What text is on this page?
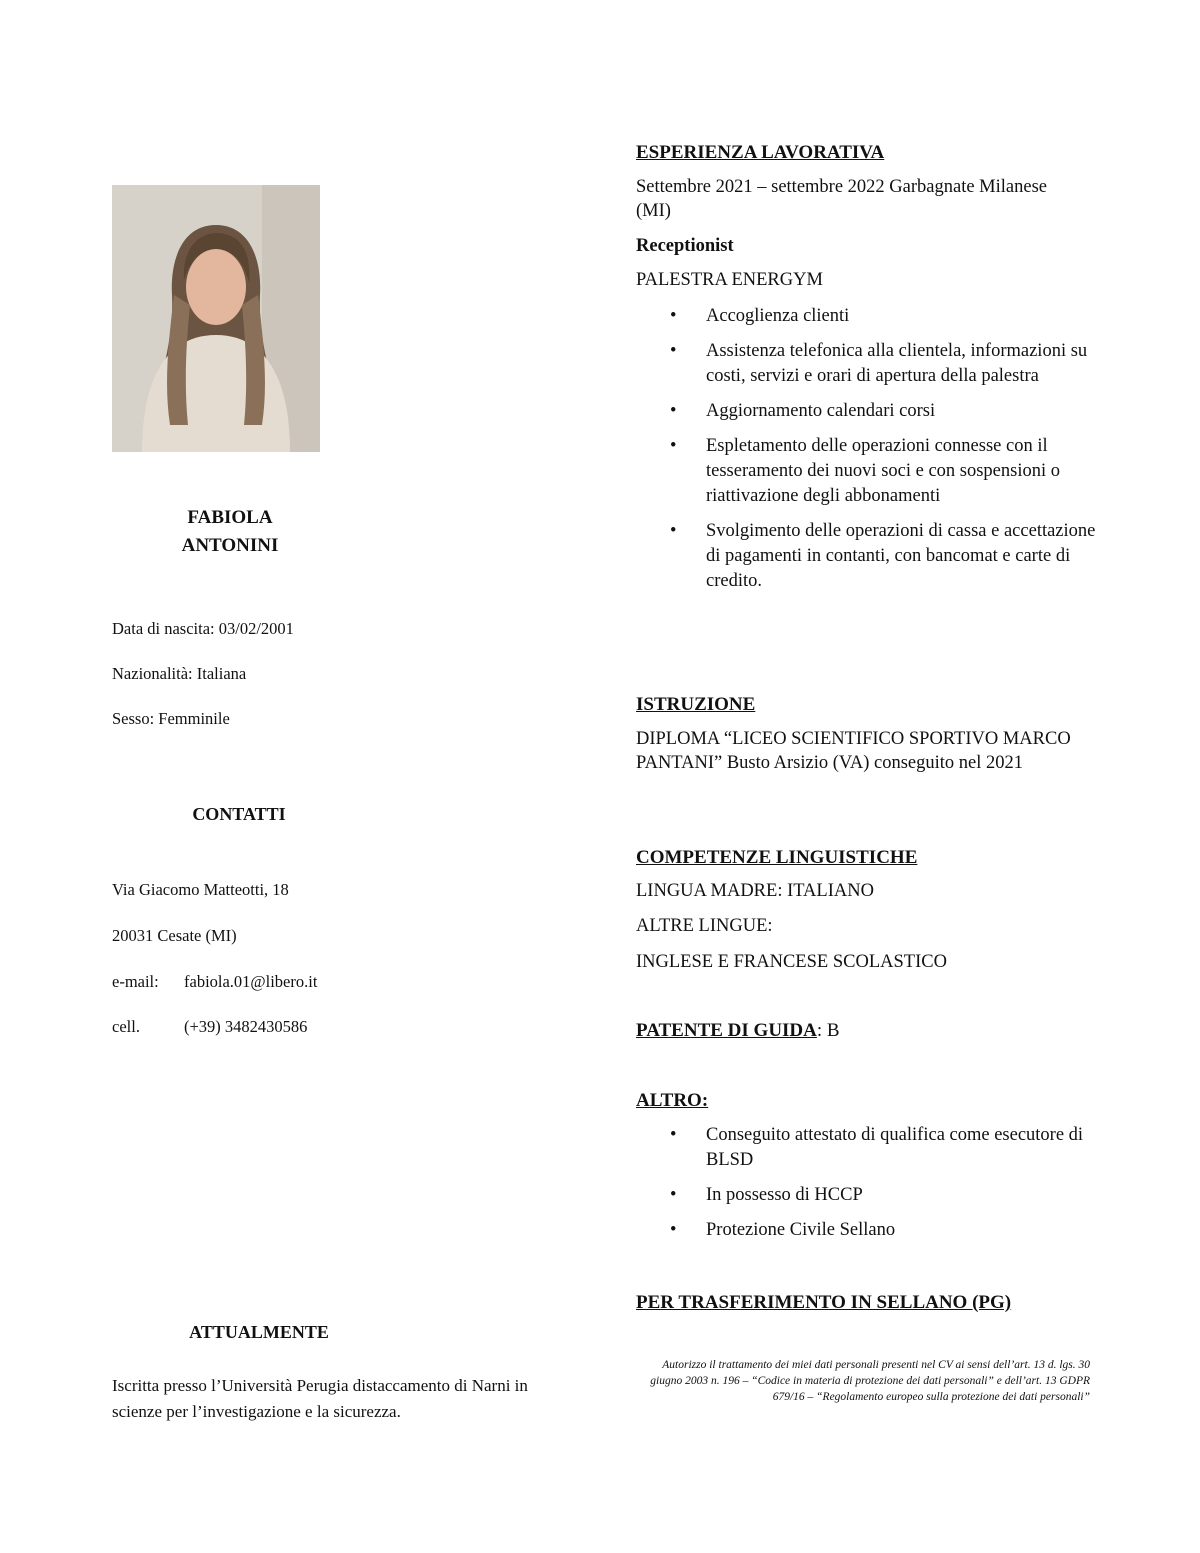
FABIOLA
ANTONINI
Data di nascita: 03/02/2001
Nazionalità: Italiana
Sesso: Femminile
CONTATTI
Via Giacomo Matteotti, 18
20031 Cesate (MI)
e-mail: fabiola.01@libero.it
cell.	(+39) 3482430586
ATTUALMENTE
Iscritta presso l’Università Perugia distaccamento di Narni in scienze per l’investigazione e la sicurezza.
ESPERIENZA LAVORATIVA
Settembre 2021 – settembre 2022 Garbagnate Milanese (MI)
Receptionist
PALESTRA ENERGYM
• Accoglienza clienti
• Assistenza telefonica alla clientela, informazioni su costi, servizi e orari di apertura della palestra
• Aggiornamento calendari corsi
• Espletamento delle operazioni connesse con il tesseramento dei nuovi soci e con sospensioni o riattivazione degli abbonamenti
• Svolgimento delle operazioni di cassa e accettazione di pagamenti in contanti, con bancomat e carte di credito.
ISTRUZIONE
DIPLOMA “LICEO SCIENTIFICO SPORTIVO MARCO PANTANI” Busto Arsizio (VA) conseguito nel 2021
COMPETENZE LINGUISTICHE
LINGUA MADRE: ITALIANO
ALTRE LINGUE:
INGLESE E FRANCESE SCOLASTICO
PATENTE DI GUIDA: B
ALTRO:
• Conseguito attestato di qualifica come esecutore di BLSD
• In possesso di HCCP
• Protezione Civile Sellano
PER TRASFERIMENTO IN SELLANO (PG)
Autorizzo il trattamento dei miei dati personali presenti nel CV ai sensi dell’art. 13 d. lgs. 30 giugno 2003 n. 196 – “Codice in materia di protezione dei dati personali” e dell’art. 13 GDPR 679/16 – “Regolamento europeo sulla protezione dei dati personali”
